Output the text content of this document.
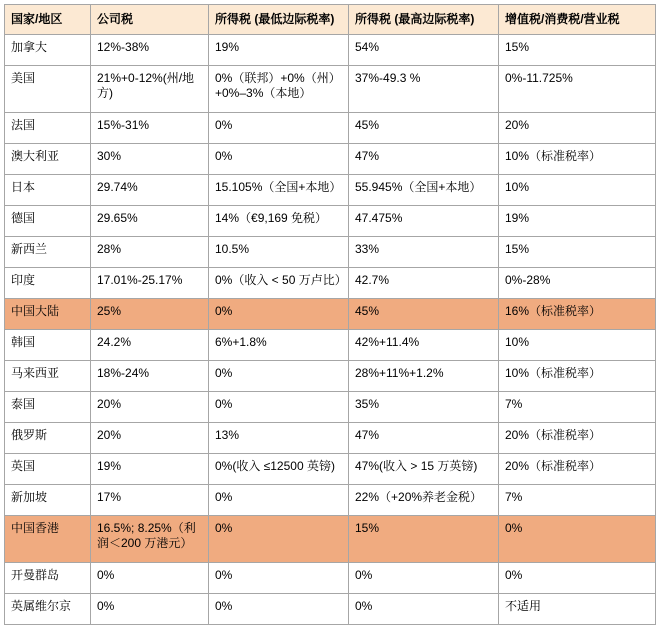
国家/地区	公司税	所得税 (最低边际税率)	所得税 (最高边际税率)	增值税/消费税/营业税
加拿大	12%-38%	19%	54%	15%
美国	21%+0-12%(州/地方)	0%（联邦）+0%（州）+0%–3%（本地）	37%-49.3 %	0%-11.725%
法国	15%-31%	0%	45%	20%
澳大利亚	30%	0%	47%	10%（标准税率）
日本	29.74%	15.105%（全国+本地）	55.945%（全国+本地）	10%
德国	29.65%	14%（€9,169 免税）	47.475%	19%
新西兰	28%	10.5%	33%	15%
印度	17.01%-25.17%	0%（收入 < 50 万卢比）	42.7%	0%-28%
中国大陆	25%	0%	45%	16%（标准税率）
韩国	24.2%	6%+1.8%	42%+11.4%	10%
马来西亚	18%-24%	0%	28%+11%+1.2%	10%（标准税率）
泰国	20%	0%	35%	7%
俄罗斯	20%	13%	47%	20%（标准税率）
英国	19%	0%(收入 ≤12500 英镑)	47%(收入 > 15 万英镑)	20%（标准税率）
新加坡	17%	0%	22%（+20%养老金税）	7%
中国香港	16.5%; 8.25%（利润＜200 万港元）	0%	15%	0%
开曼群岛	0%	0%	0%	0%
英属维尔京	0%	0%	0%	不适用
